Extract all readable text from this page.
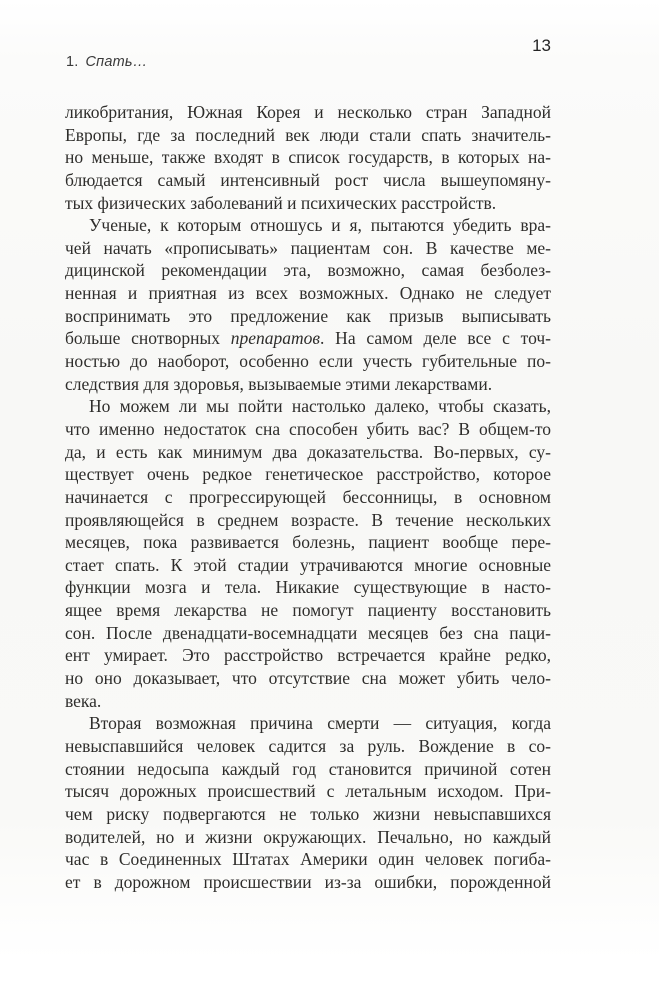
13
1. Спать…
ликобритания, Южная Корея и несколько стран Западной
Европы, где за последний век люди стали спать значитель-
но меньше, также входят в список государств, в которых на-
блюдается самый интенсивный рост числа вышеупомяну-
тых физических заболеваний и психических расстройств.
Ученые, к которым отношусь и я, пытаются убедить вра-
чей начать «прописывать» пациентам сон. В качестве ме-
дицинской рекомендации эта, возможно, самая безболез-
ненная и приятная из всех возможных. Однако не следует
воспринимать это предложение как призыв выписывать
больше снотворных препаратов. На самом деле все с точ-
ностью до наоборот, особенно если учесть губительные по-
следствия для здоровья, вызываемые этими лекарствами.
Но можем ли мы пойти настолько далеко, чтобы сказать,
что именно недостаток сна способен убить вас? В общем-то
да, и есть как минимум два доказательства. Во-первых, су-
ществует очень редкое генетическое расстройство, которое
начинается с прогрессирующей бессонницы, в основном
проявляющейся в среднем возрасте. В течение нескольких
месяцев, пока развивается болезнь, пациент вообще пере-
стает спать. К этой стадии утрачиваются многие основные
функции мозга и тела. Никакие существующие в насто-
ящее время лекарства не помогут пациенту восстановить
сон. После двенадцати-восемнадцати месяцев без сна паци-
ент умирает. Это расстройство встречается крайне редко,
но оно доказывает, что отсутствие сна может убить чело-
века.
Вторая возможная причина смерти — ситуация, когда
невыспавшийся человек садится за руль. Вождение в со-
стоянии недосыпа каждый год становится причиной сотен
тысяч дорожных происшествий с летальным исходом. При-
чем риску подвергаются не только жизни невыспавшихся
водителей, но и жизни окружающих. Печально, но каждый
час в Соединенных Штатах Америки один человек погиба-
ет в дорожном происшествии из-за ошибки, порожденной
